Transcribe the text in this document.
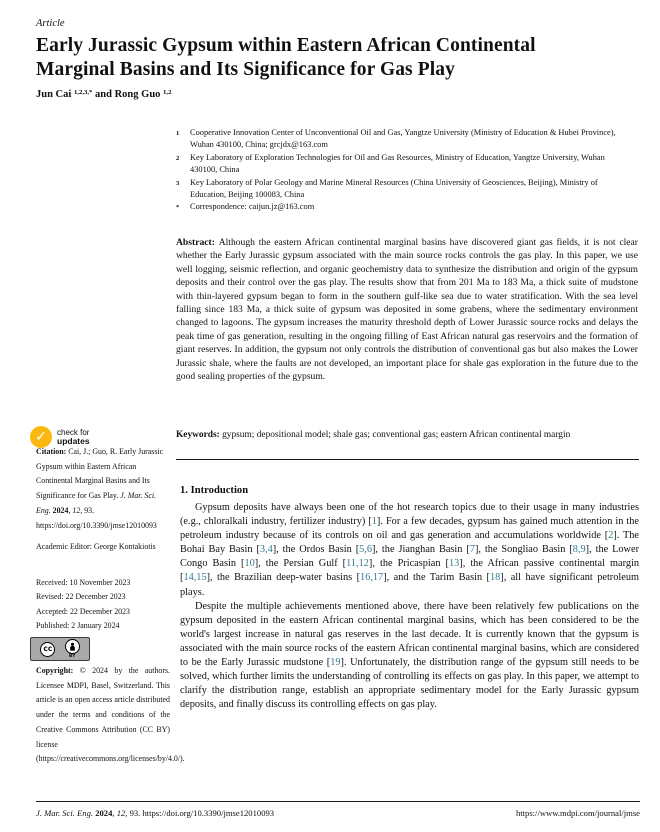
Article
Early Jurassic Gypsum within Eastern African Continental Marginal Basins and Its Significance for Gas Play
Jun Cai $^{1,2,3,*}$ and Rong Guo $^{1,2}$
1	Cooperative Innovation Center of Unconventional Oil and Gas, Yangtze University (Ministry of Education & Hubei Province), Wuhan 430100, China; grcjdx@163.com
2	Key Laboratory of Exploration Technologies for Oil and Gas Resources, Ministry of Education, Yangtze University, Wuhan 430100, China
3	Key Laboratory of Polar Geology and Marine Mineral Resources (China University of Geosciences, Beijing), Ministry of Education, Beijing 100083, China
*	Correspondence: caijun.jz@163.com
Abstract: Although the eastern African continental marginal basins have discovered giant gas fields, it is not clear whether the Early Jurassic gypsum associated with the main source rocks controls the gas play. In this paper, we use well logging, seismic reflection, and organic geochemistry data to synthesize the distribution and origin of the gypsum deposits and their control over the gas play. The results show that from 201 Ma to 183 Ma, a thick suite of mudstone with thin-layered gypsum began to form in the southern gulf-like sea due to water stratification. With the sea level falling since 183 Ma, a thick suite of gypsum was deposited in some grabens, where the sedimentary environment changed to lagoons. The gypsum increases the maturity threshold depth of Lower Jurassic source rocks and delays the peak time of gas generation, resulting in the ongoing filling of East African natural gas reservoirs and the formation of giant reserves. In addition, the gypsum not only controls the distribution of conventional gas but also makes the Lower Jurassic shale, where the faults are not developed, an important place for shale gas exploration in the future due to the good sealing properties of the gypsum.
Keywords: gypsum; depositional model; shale gas; conventional gas; eastern African continental margin
1. Introduction

Gypsum deposits have always been one of the hot research topics due to their usage in many industries (e.g., chloralkali industry, fertilizer industry) [1]. For a few decades, gypsum has gained much attention in the petroleum industry because of its controls on oil and gas generation and accumulations worldwide [2]. The Bohai Bay Basin [3,4], the Ordos Basin [5,6], the Jianghan Basin [7], the Songliao Basin [8,9], the Lower Congo Basin [10], the Persian Gulf [11,12], the Pricaspian [13], the African passive continental margin [14,15], the Brazilian deep-water basins [16,17], and the Tarim Basin [18], all have significant petroleum plays.

Despite the multiple achievements mentioned above, there have been relatively few publications on the gypsum deposited in the eastern African continental marginal basins, which has been considered to be the world's largest increase in natural gas reserves in the last decade. It is currently known that the gypsum is associated with the main source rocks of the eastern African continental marginal basins, which are considered to be the Early Jurassic mudstone [19]. Unfortunately, the distribution range of the gypsum still needs to be solved, which further limits the understanding of controlling its effects on gas play. In this paper, we attempt to clarify the distribution range, establish an appropriate sedimentary model for the Early Jurassic gypsum deposits, and finally discuss its controlling effects on gas play.

✓	check for
updates
Citation: Cai, J.; Guo, R. Early Jurassic Gypsum within Eastern African Continental Marginal Basins and Its Significance for Gas Play. J. Mar. Sci. Eng. 2024, 12, 93. https://doi.org/10.3390/jmse12010093
Academic Editor: George Kontakiotis
Received: 10 November 2023
Revised: 22 December 2023
Accepted: 22 December 2023
Published: 2 January 2024
cc
BY
Copyright: © 2024 by the authors. Licensee MDPI, Basel, Switzerland. This article is an open access article distributed under the terms and conditions of the Creative Commons Attribution (CC BY) license (https://creativecommons.org/licenses/by/4.0/).
J. Mar. Sci. Eng. 2024, 12, 93. https://doi.org/10.3390/jmse12010093	https://www.mdpi.com/journal/jmse
